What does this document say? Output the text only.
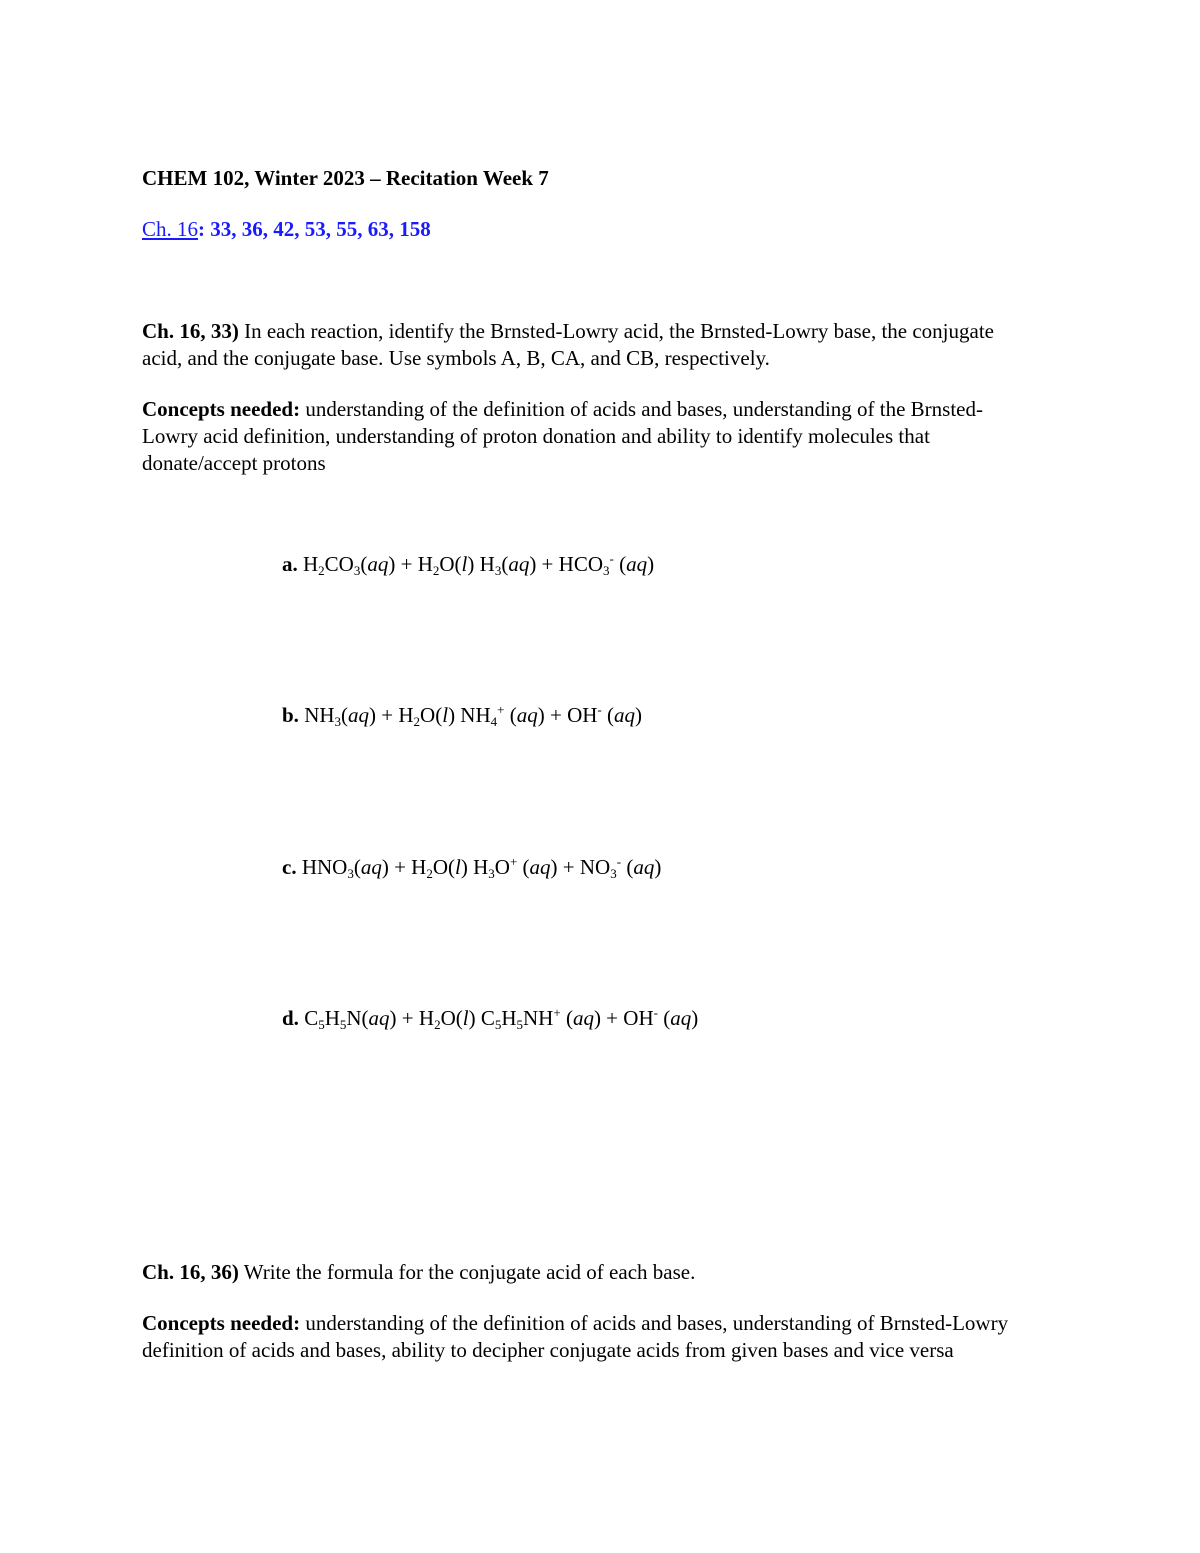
CHEM 102, Winter 2023 – Recitation Week 7
Ch. 16: 33, 36, 42, 53, 55, 63, 158
Ch. 16, 33) In each reaction, identify the Brnsted-Lowry acid, the Brnsted-Lowry base, the conjugate acid, and the conjugate base. Use symbols A, B, CA, and CB, respectively.
Concepts needed: understanding of the definition of acids and bases, understanding of the Brnsted-Lowry acid definition, understanding of proton donation and ability to identify molecules that donate/accept protons
a. $H_2CO_3(aq) + H_2O(l) H_3(aq) + HCO_3^-$ (aq)
b. $NH_3(aq) + H_2O(l)$ $NH_4^+$ (aq) + OH- (aq)
c. $HNO_3(aq) + H_2O(l)$ $H_3O^+$ $(aq) + NO_3^-$ (aq)
d. $C_5H_5N(aq) + H_2O(l)$ $C_5H_5NH^+$ (aq) + OH- (aq)
Ch. 16, 36) Write the formula for the conjugate acid of each base.
Concepts needed: understanding of the definition of acids and bases, understanding of Brnsted-Lowry definition of acids and bases, ability to decipher conjugate acids from given bases and vice versa
